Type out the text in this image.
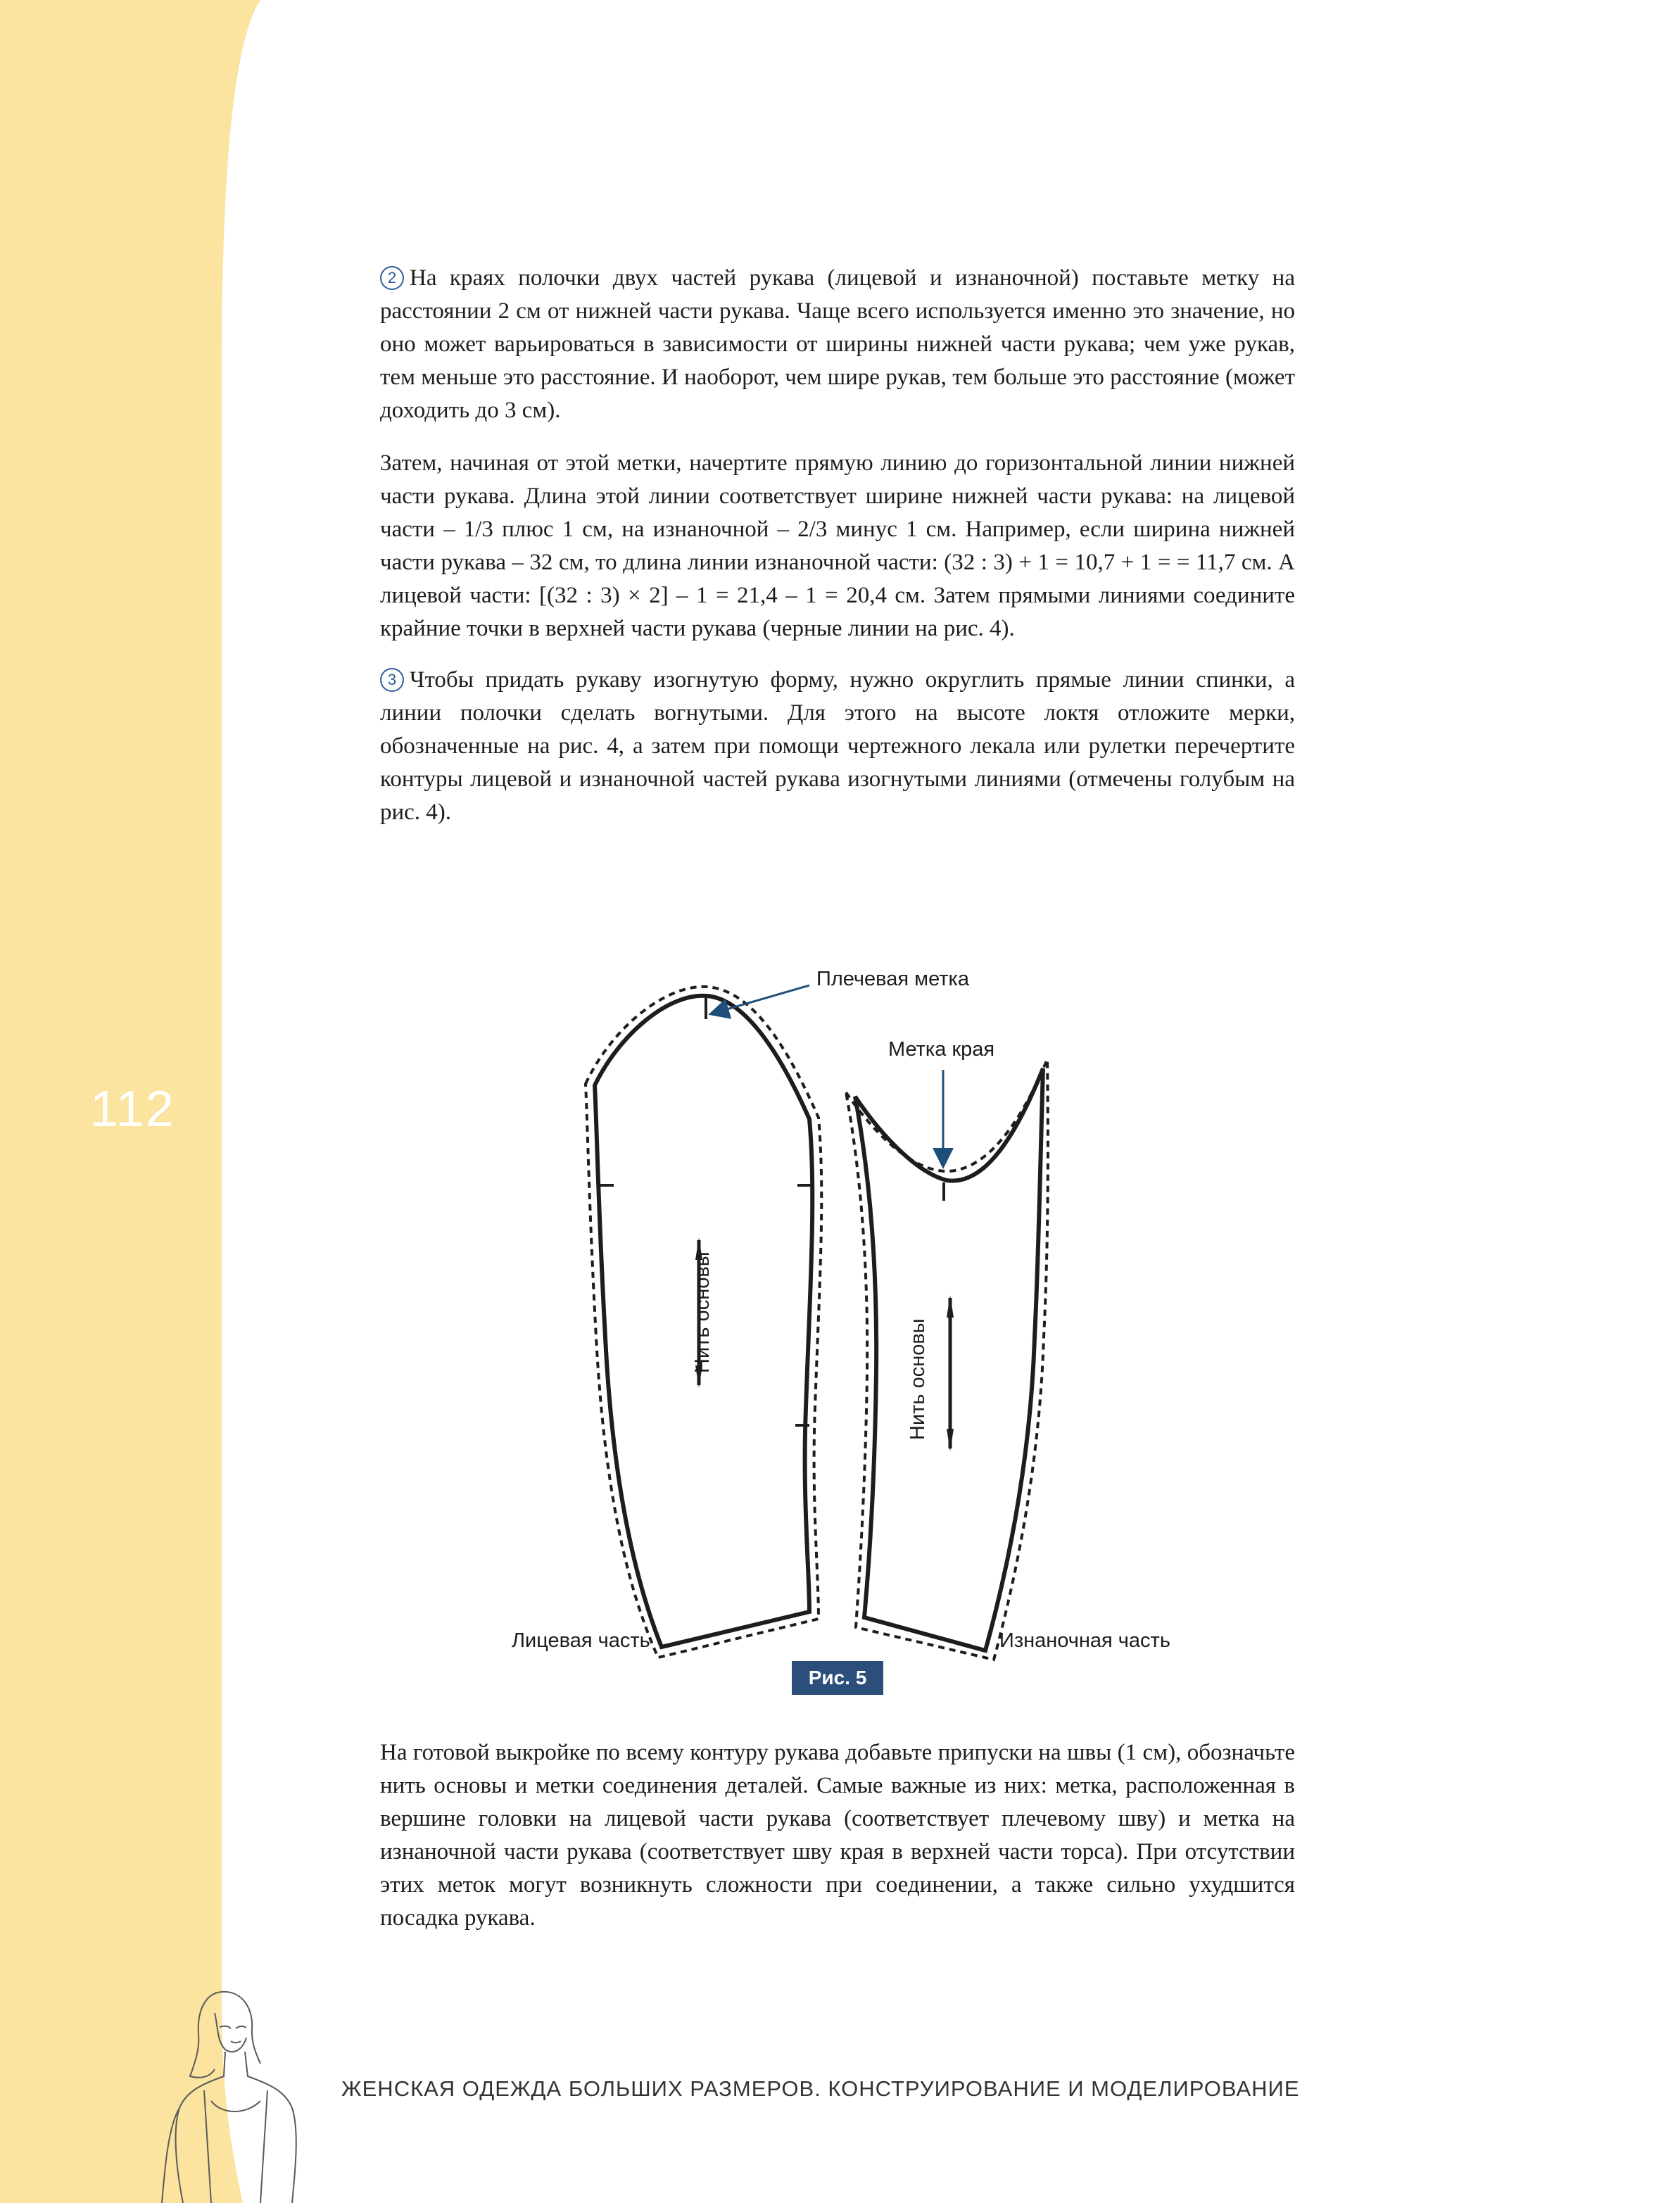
112

2 На краях полочки двух частей рукава (лицевой и изнаночной) поставьте метку на расстоянии 2 см от нижней части рукава. Чаще всего используется именно это значение, но оно может варьироваться в зависимости от ширины нижней части рукава; чем уже рукав, тем меньше это расстояние. И наоборот, чем шире рукав, тем больше это расстояние (может доходить до 3 см).

Затем, начиная от этой метки, начертите прямую линию до горизонтальной линии нижней части рукава. Длина этой линии соответствует ширине нижней части рукава: на лицевой части – 1/3 плюс 1 см, на изнаночной – 2/3 минус 1 см. Например, если ширина нижней части рукава – 32 см, то длина линии изнаночной части: (32 : 3) + 1 = 10,7 + 1 = = 11,7 см. А лицевой части: [(32 : 3) × 2] – 1 = 21,4 – 1 = 20,4 см. Затем прямыми линиями соедините крайние точки в верхней части рукава (черные линии на рис. 4).

3 Чтобы придать рукаву изогнутую форму, нужно округлить прямые линии спинки, а линии полочки сделать вогнутыми. Для этого на высоте локтя отложите мерки, обозначенные на рис. 4, а затем при помощи чертежного лекала или рулетки перечертите контуры лицевой и изнаночной частей рукава изогнутыми линиями (отмечены голубым на рис. 4).

Плечевая метка
Метка края
Нить основы
Нить основы
Лицевая часть	Изнаночная часть
Рис. 5

На готовой выкройке по всему контуру рукава добавьте припуски на швы (1 см), обозначьте нить основы и метки соединения деталей. Самые важные из них: метка, расположенная в вершине головки на лицевой части рукава (соответствует плечевому шву) и метка на изнаночной части рукава (соответствует шву края в верхней части торса). При отсутствии этих меток могут возникнуть сложности при соединении, а также сильно ухудшится посадка рукава.

ЖЕНСКАЯ ОДЕЖДА БОЛЬШИХ РАЗМЕРОВ. КОНСТРУИРОВАНИЕ И МОДЕЛИРОВАНИЕ
